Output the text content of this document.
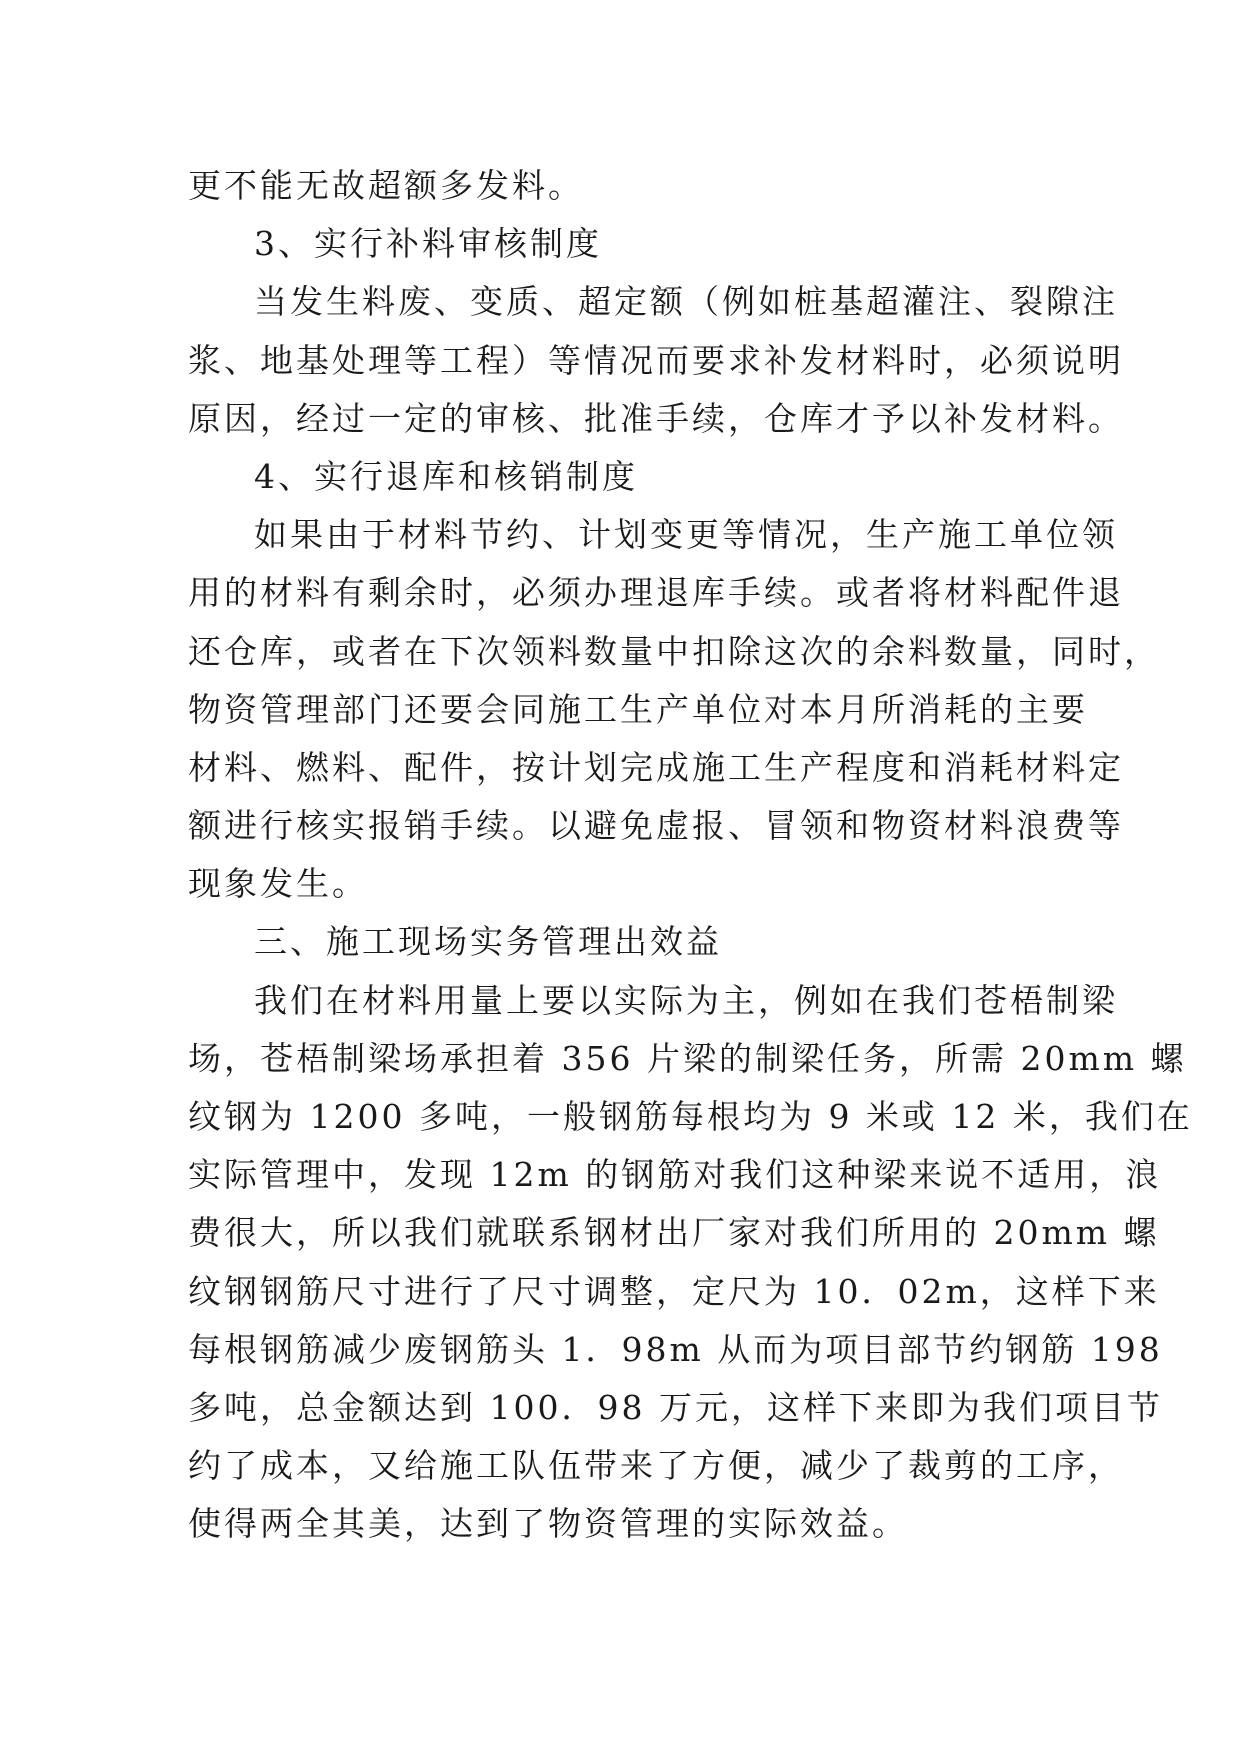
更不能无故超额多发料。
3、实行补料审核制度
当发生料废、变质、超定额（例如桩基超灌注、裂隙注
浆、地基处理等工程）等情况而要求补发材料时，必须说明
原因，经过一定的审核、批准手续，仓库才予以补发材料。
4、实行退库和核销制度
如果由于材料节约、计划变更等情况，生产施工单位领
用的材料有剩余时，必须办理退库手续。或者将材料配件退
还仓库，或者在下次领料数量中扣除这次的余料数量，同时，
物资管理部门还要会同施工生产单位对本月所消耗的主要
材料、燃料、配件，按计划完成施工生产程度和消耗材料定
额进行核实报销手续。以避免虚报、冒领和物资材料浪费等
现象发生。
三、施工现场实务管理出效益
我们在材料用量上要以实际为主，例如在我们苍梧制梁
场，苍梧制梁场承担着 356 片梁的制梁任务，所需 20mm 螺
纹钢为 1200 多吨，一般钢筋每根均为 9 米或 12 米，我们在
实际管理中，发现 12m 的钢筋对我们这种梁来说不适用，浪
费很大，所以我们就联系钢材出厂家对我们所用的 20mm 螺
纹钢钢筋尺寸进行了尺寸调整，定尺为 10．02m，这样下来
每根钢筋减少废钢筋头 1．98m 从而为项目部节约钢筋 198
多吨，总金额达到 100．98 万元，这样下来即为我们项目节
约了成本，又给施工队伍带来了方便，减少了裁剪的工序，
使得两全其美，达到了物资管理的实际效益。
